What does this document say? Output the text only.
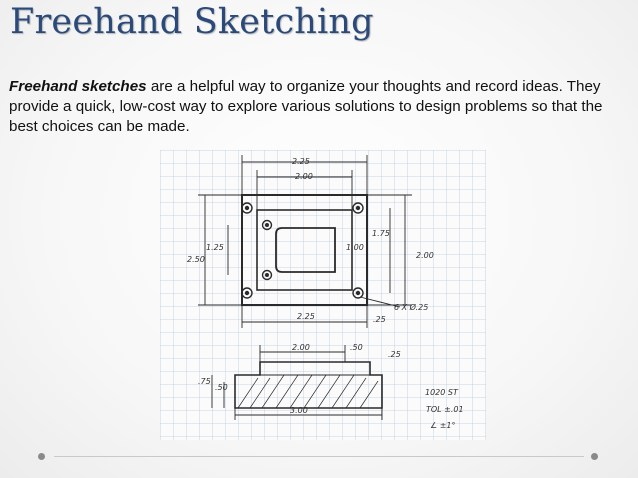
Freehand Sketching
Freehand sketches are a helpful way to organize your thoughts and record ideas. They provide a quick, low-cost way to explore various solutions to design problems so that the best choices can be made.
2.25
2.00
2.50
1.25
1.75
1.00
2.00
6 X Ø.25
2.25	.25
2.00	.50
.25
.75
.50
3.00
1020 ST
TOL ±.01
∠ ±1°
